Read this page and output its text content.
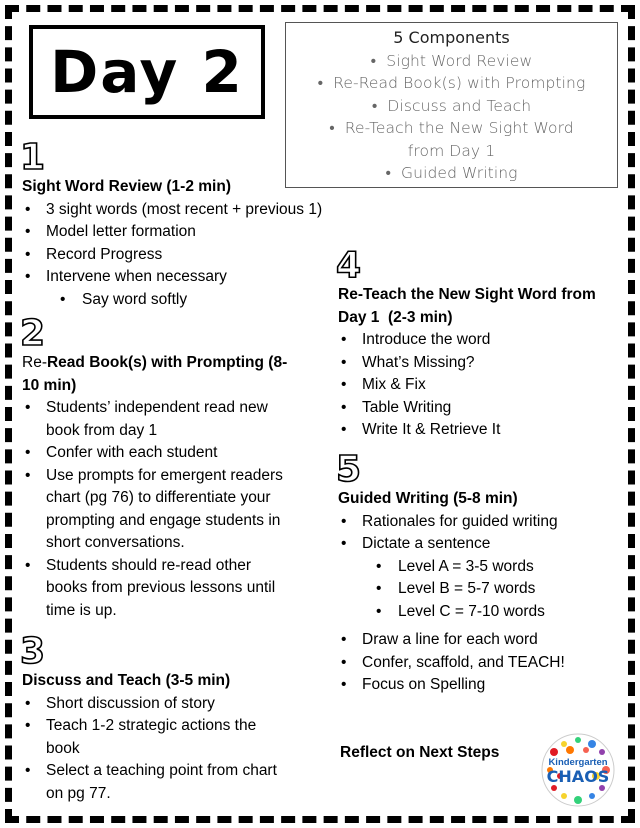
Day 2
5 Components
•  Sight Word Review
•  Re-Read Book(s) with Prompting
•  Discuss and Teach
•  Re-Teach the New Sight Word
from Day 1
•  Guided Writing
1
Sight Word Review (1-2 min)
• 3 sight words (most recent + previous 1)
• Model letter formation
• Record Progress
• Intervene when necessary
• Say word softly
2
Re-Read Book(s) with Prompting (8-
10 min)
• Students’ independent read new
book from day 1
• Confer with each student
• Use prompts for emergent readers
chart (pg 76) to differentiate your
prompting and engage students in
short conversations.
• Students should re-read other
books from previous lessons until
time is up.
3
Discuss and Teach (3-5 min)
• Short discussion of story
• Teach 1-2 strategic actions the
book
• Select a teaching point from chart
on pg 77.
4
Re-Teach the New Sight Word from
Day 1  (2-3 min)
• Introduce the word
• What’s Missing?
• Mix & Fix
• Table Writing
• Write It & Retrieve It
5
Guided Writing (5-8 min)
• Rationales for guided writing
• Dictate a sentence
• Level A = 3-5 words
• Level B = 5-7 words
• Level C = 7-10 words
• Draw a line for each word
• Confer, scaffold, and TEACH!
• Focus on Spelling
Reflect on Next Steps
Kindergarten
CHAOS
